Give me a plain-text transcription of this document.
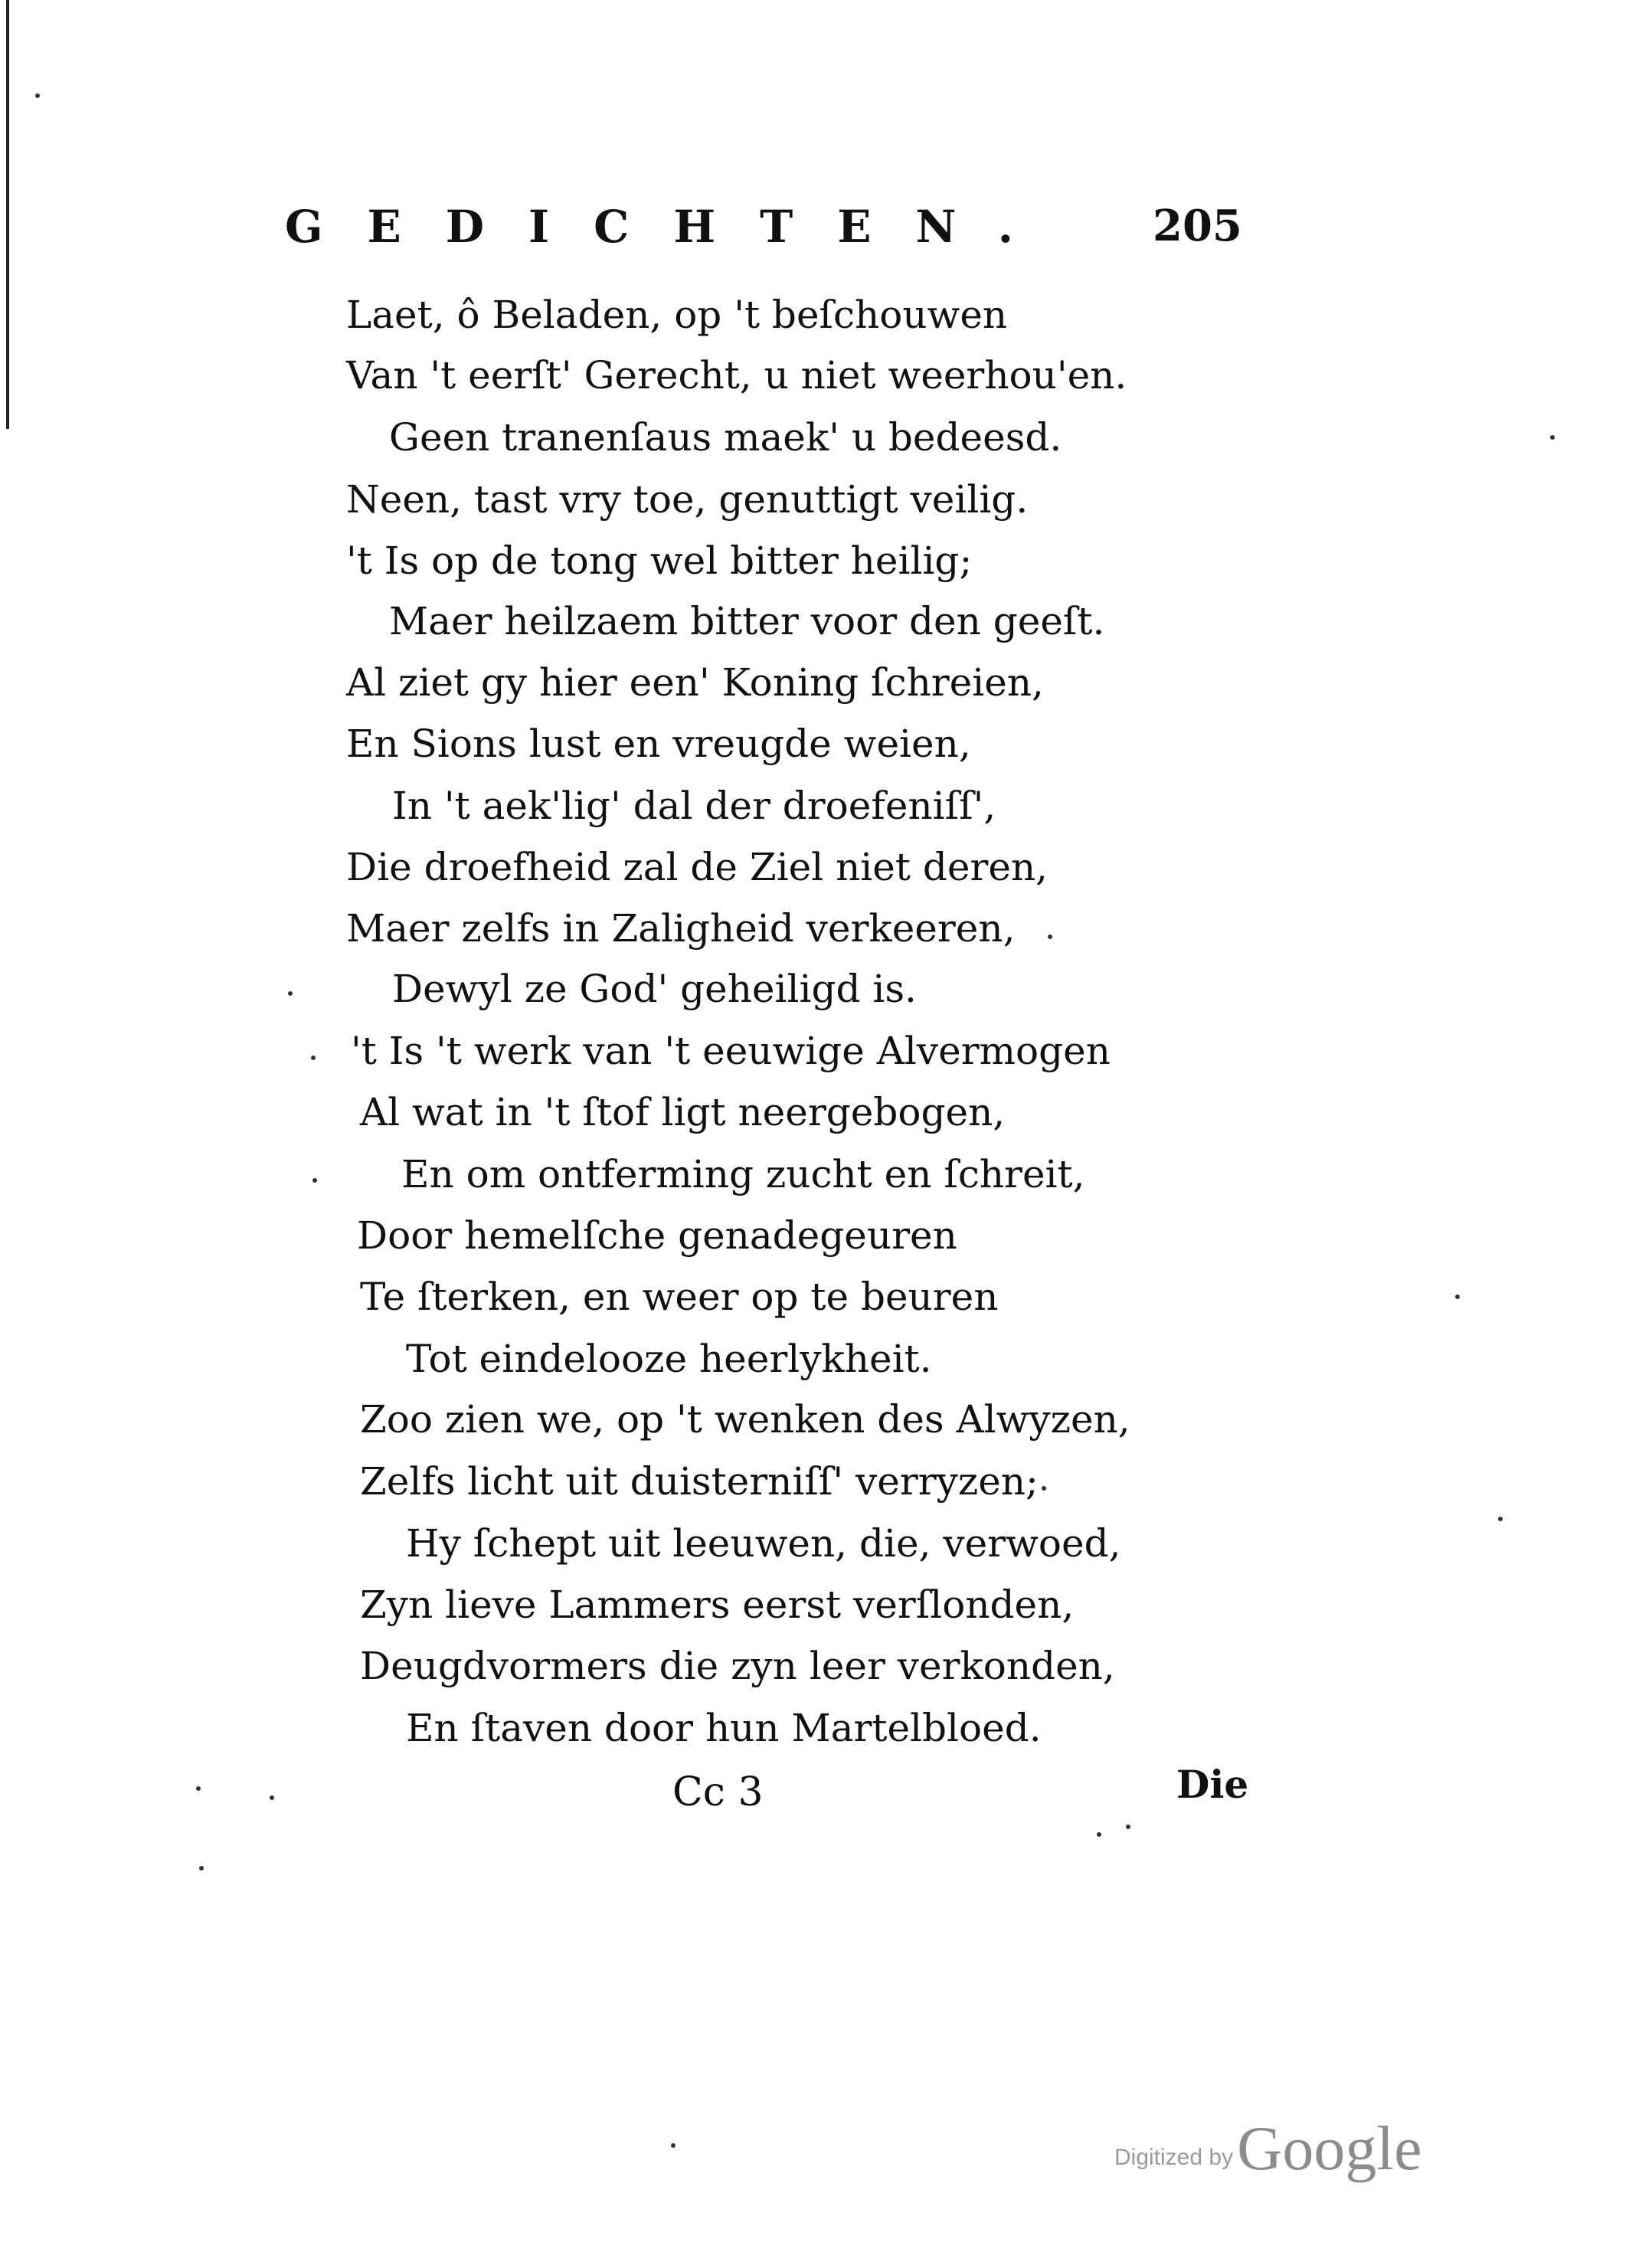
GEDICHTEN. 205
Laet, ô Beladen, op 't beſchouwen
Van 't eerſt' Gerecht, u niet weerhou'en.
Geen tranenſaus maek' u bedeesd.
Neen, tast vry toe, genuttigt veilig.
't Is op de tong wel bitter heilig;
Maer heilzaem bitter voor den geeſt.
Al ziet gy hier een' Koning ſchreien,
En Sions lust en vreugde weien,
In 't aek'lig' dal der droefeniſſ',
Die droefheid zal de Ziel niet deren,
Maer zelfs in Zaligheid verkeeren,
Dewyl ze God' geheiligd is.
't Is 't werk van 't eeuwige Alvermogen
Al wat in 't ſtof ligt neergebogen,
En om ontferming zucht en ſchreit,
Door hemelſche genadegeuren
Te ſterken, en weer op te beuren
Tot eindelooze heerlykheit.
Zoo zien we, op 't wenken des Alwyzen,
Zelfs licht uit duisterniſſ' verryzen;
Hy ſchept uit leeuwen, die, verwoed,
Zyn lieve Lammers eerst verſlonden,
Deugdvormers die zyn leer verkonden,
En ſtaven door hun Martelbloed.
Cc 3	Die
Digitized by Google
